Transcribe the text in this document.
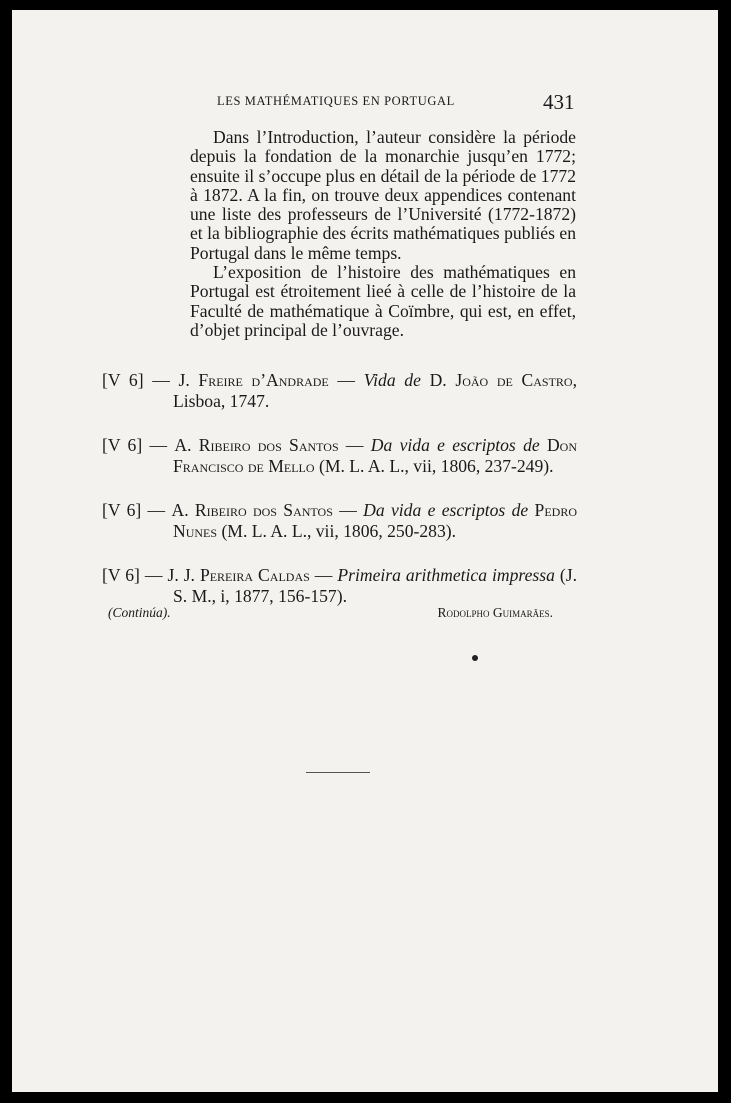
LES MATHÉMATIQUES EN PORTUGAL	431

Dans l’Introduction, l’auteur considère la période depuis la fondation de la monarchie jusqu’en 1772; ensuite il s’occupe plus en détail de la période de 1772 à 1872. A la fin, on trouve deux appendices contenant une liste des professeurs de l’Université (1772-1872) et la bibliographie des écrits mathématiques publiés en Portugal dans le même temps.

L’exposition de l’histoire des mathématiques en Portugal est étroitement lieé à celle de l’histoire de la Faculté de mathématique à Coïmbre, qui est, en effet, d’objet principal de l’ouvrage.

[V 6] — J. Freire d’Andrade — Vida de D. João de Castro, Lisboa, 1747.
[V 6] — A. Ribeiro dos Santos — Da vida e escriptos de Don Francisco de Mello (M. L. A. L., vii, 1806, 237-249).
[V 6] — A. Ribeiro dos Santos — Da vida e escriptos de Pedro Nunes (M. L. A. L., vii, 1806, 250-283).
[V 6] — J. J. Pereira Caldas — Primeira arithmetica impressa (J. S. M., i, 1877, 156-157).
(Continúa).	Rodolpho Guimarães.
